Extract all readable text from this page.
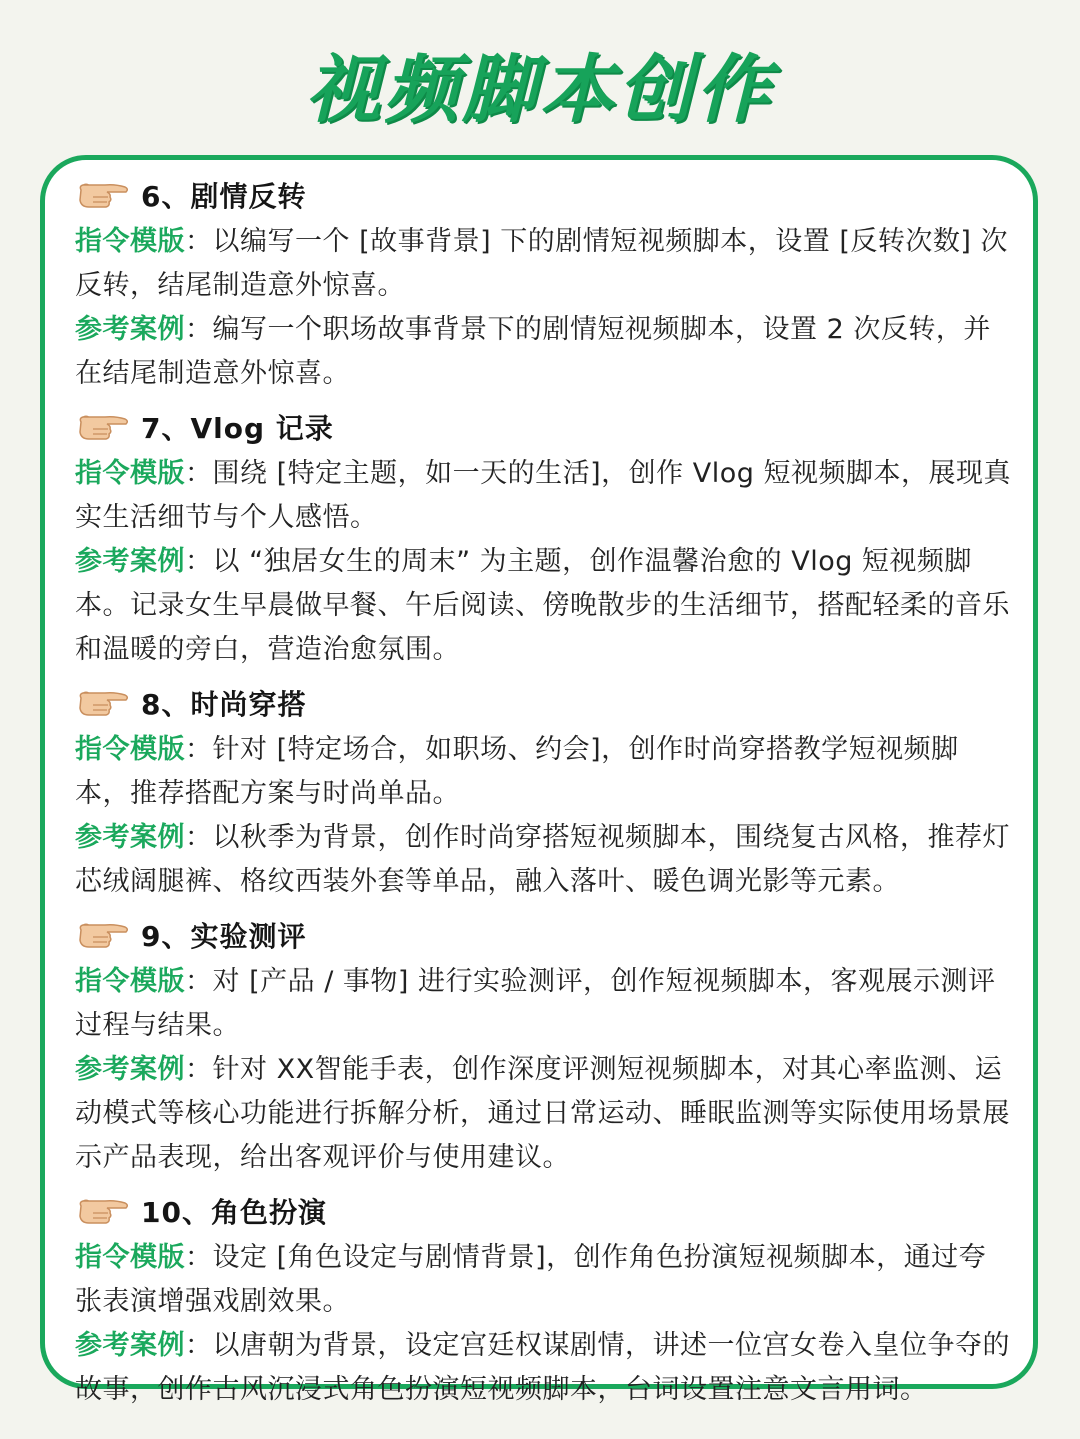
视频脚本创作
6、剧情反转

指令模版：以编写一个 [故事背景] 下的剧情短视频脚本，设置 [反转次数] 次反转，结尾制造意外惊喜。

参考案例：编写一个职场故事背景下的剧情短视频脚本，设置 2 次反转，并在结尾制造意外惊喜。

7、Vlog 记录

指令模版：围绕 [特定主题，如一天的生活]，创作 Vlog 短视频脚本，展现真实生活细节与个人感悟。

参考案例：以 “独居女生的周末” 为主题，创作温馨治愈的 Vlog 短视频脚本。记录女生早晨做早餐、午后阅读、傍晚散步的生活细节，搭配轻柔的音乐和温暖的旁白，营造治愈氛围。

8、时尚穿搭

指令模版：针对 [特定场合，如职场、约会]，创作时尚穿搭教学短视频脚本，推荐搭配方案与时尚单品。

参考案例：以秋季为背景，创作时尚穿搭短视频脚本，围绕复古风格，推荐灯芯绒阔腿裤、格纹西装外套等单品，融入落叶、暖色调光影等元素。

9、实验测评

指令模版：对 [产品 / 事物] 进行实验测评，创作短视频脚本，客观展示测评过程与结果。

参考案例：针对 XX智能手表，创作深度评测短视频脚本，对其心率监测、运动模式等核心功能进行拆解分析，通过日常运动、睡眠监测等实际使用场景展示产品表现，给出客观评价与使用建议。

10、角色扮演

指令模版：设定 [角色设定与剧情背景]，创作角色扮演短视频脚本，通过夸张表演增强戏剧效果。

参考案例：以唐朝为背景，设定宫廷权谋剧情，讲述一位宫女卷入皇位争夺的故事，创作古风沉浸式角色扮演短视频脚本，台词设置注意文言用词。
